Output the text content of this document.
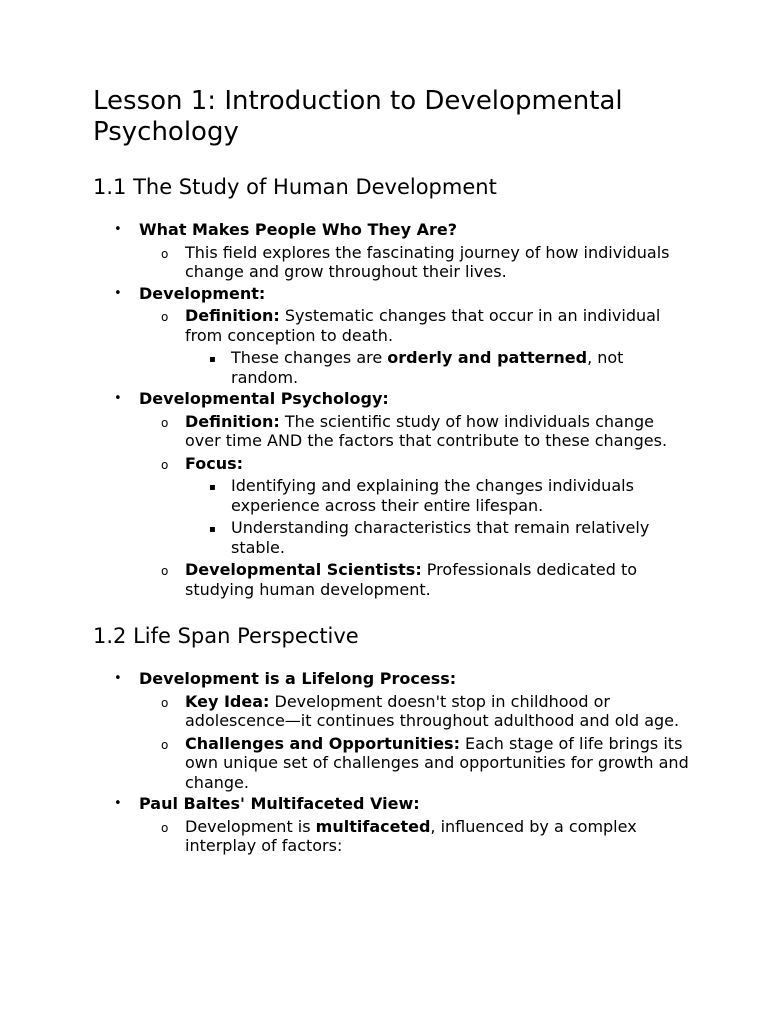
Lesson 1: Introduction to Developmental Psychology
1.1 The Study of Human Development
• What Makes People Who They Are?
o This field explores the fascinating journey of how individuals change and grow throughout their lives.
• Development:
o Definition: Systematic changes that occur in an individual from conception to death.
▪ These changes are orderly and patterned, not random.
• Developmental Psychology:
o Definition: The scientific study of how individuals change over time AND the factors that contribute to these changes.
o Focus:
▪ Identifying and explaining the changes individuals experience across their entire lifespan.
▪ Understanding characteristics that remain relatively stable.
o Developmental Scientists: Professionals dedicated to studying human development.
1.2 Life Span Perspective
• Development is a Lifelong Process:
o Key Idea: Development doesn't stop in childhood or adolescence—it continues throughout adulthood and old age.
o Challenges and Opportunities: Each stage of life brings its own unique set of challenges and opportunities for growth and change.
• Paul Baltes' Multifaceted View:
o Development is multifaceted, influenced by a complex interplay of factors:
